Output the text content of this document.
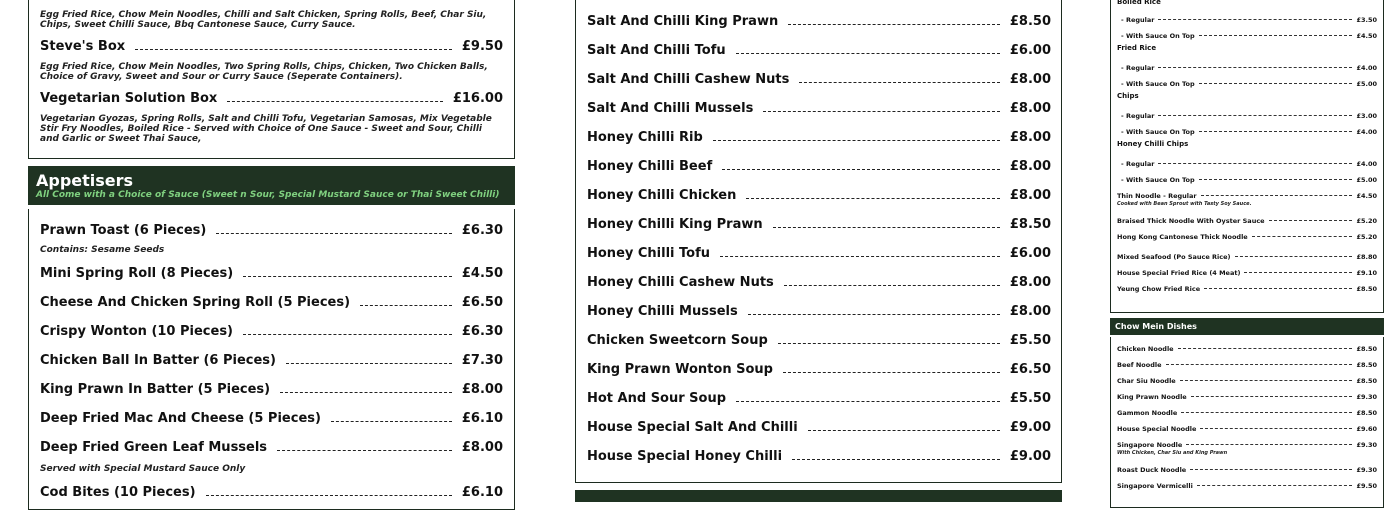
Egg Fried Rice, Chow Mein Noodles, Chilli and Salt Chicken, Spring Rolls, Beef, Char Siu, Chips, Sweet Chilli Sauce, Bbq Cantonese Sauce, Curry Sauce.
Steve's Box	£9.50
Egg Fried Rice, Chow Mein Noodles, Two Spring Rolls, Chips, Chicken, Two Chicken Balls, Choice of Gravy, Sweet and Sour or Curry Sauce (Seperate Containers).
Vegetarian Solution Box	£16.00
Vegetarian Gyozas, Spring Rolls, Salt and Chilli Tofu, Vegetarian Samosas, Mix Vegetable Stir Fry Noodles, Boiled Rice - Served with Choice of One Sauce - Sweet and Sour, Chilli and Garlic or Sweet Thai Sauce,
Appetisers
All Come with a Choice of Sauce (Sweet n Sour, Special Mustard Sauce or Thai Sweet Chilli)
Prawn Toast (6 Pieces)	£6.30
Contains: Sesame Seeds
Mini Spring Roll (8 Pieces)	£4.50
Cheese And Chicken Spring Roll (5 Pieces)	£6.50
Crispy Wonton (10 Pieces)	£6.30
Chicken Ball In Batter (6 Pieces)	£7.30
King Prawn In Batter (5 Pieces)	£8.00
Deep Fried Mac And Cheese (5 Pieces)	£6.10
Deep Fried Green Leaf Mussels	£8.00
Served with Special Mustard Sauce Only
Cod Bites (10 Pieces)	£6.10
Salt And Chilli King Prawn	£8.50
Salt And Chilli Tofu	£6.00
Salt And Chilli Cashew Nuts	£8.00
Salt And Chilli Mussels	£8.00
Honey Chilli Rib	£8.00
Honey Chilli Beef	£8.00
Honey Chilli Chicken	£8.00
Honey Chilli King Prawn	£8.50
Honey Chilli Tofu	£6.00
Honey Chilli Cashew Nuts	£8.00
Honey Chilli Mussels	£8.00
Chicken Sweetcorn Soup	£5.50
King Prawn Wonton Soup	£6.50
Hot And Sour Soup	£5.50
House Special Salt And Chilli	£9.00
House Special Honey Chilli	£9.00
Boiled Rice
- Regular	£3.50
- With Sauce On Top	£4.50
Fried Rice
- Regular	£4.00
- With Sauce On Top	£5.00
Chips
- Regular	£3.00
- With Sauce On Top	£4.00
Honey Chilli Chips
- Regular	£4.00
- With Sauce On Top	£5.00
Thin Noodle - Regular	£4.50
Cooked with Bean Sprout with Tasty Soy Sauce.
Braised Thick Noodle With Oyster Sauce	£5.20
Hong Kong Cantonese Thick Noodle	£5.20
Mixed Seafood (Po Sauce Rice)	£8.80
House Special Fried Rice (4 Meat)	£9.10
Yeung Chow Fried Rice	£8.50
Chow Mein Dishes
Chicken Noodle	£8.50
Beef Noodle	£8.50
Char Siu Noodle	£8.50
King Prawn Noodle	£9.30
Gammon Noodle	£8.50
House Special Noodle	£9.60
Singapore Noodle	£9.30
With Chicken, Char Siu and King Prawn
Roast Duck Noodle	£9.30
Singapore Vermicelli	£9.50
